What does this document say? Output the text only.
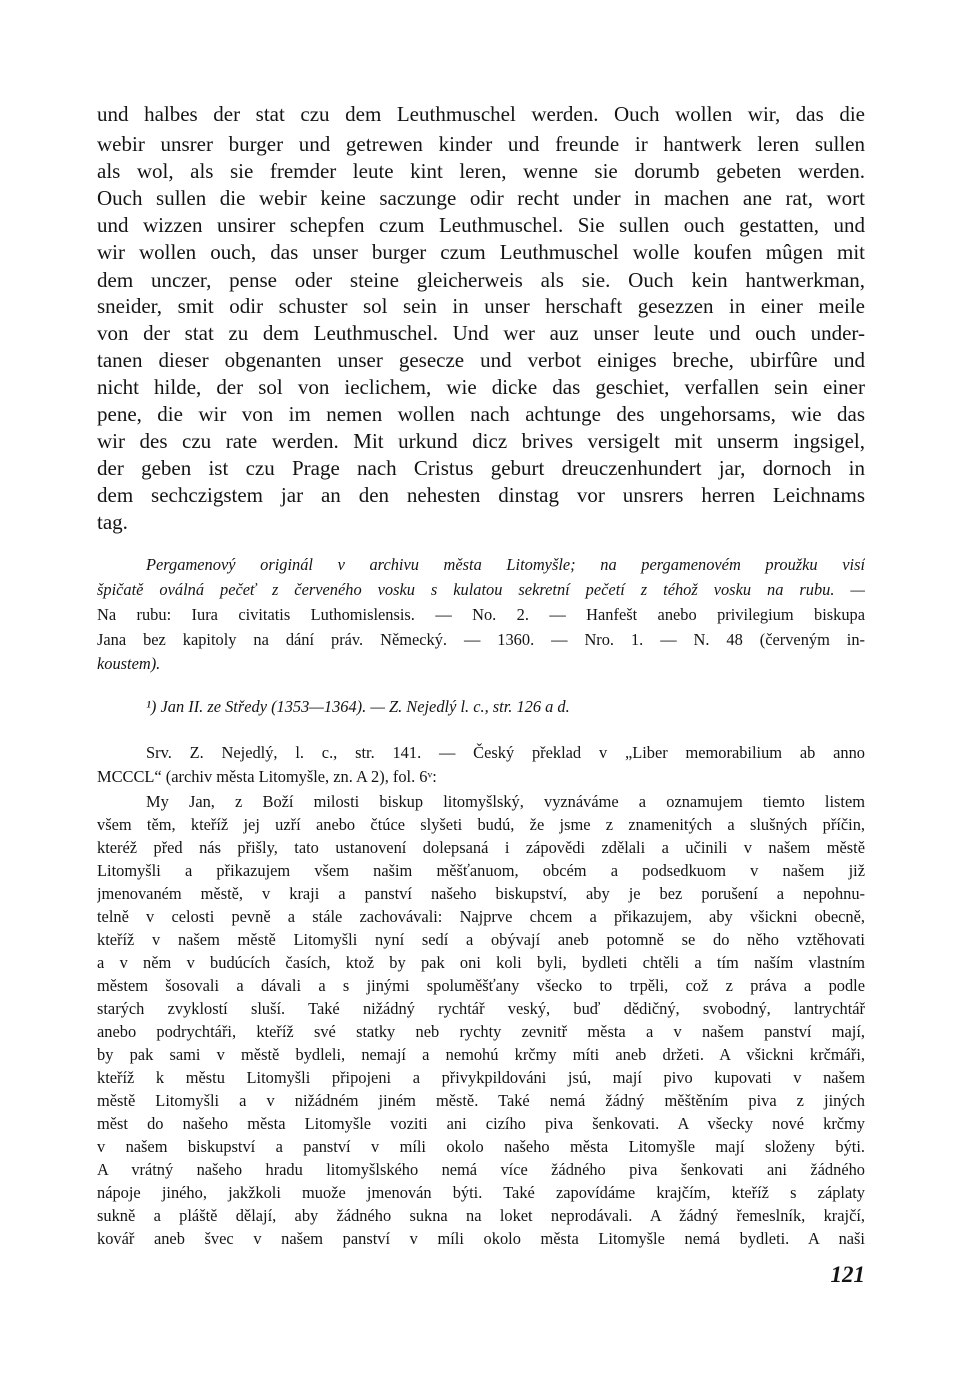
und halbes der stat czu dem Leuthmuschel werden. Ouch wollen wir, das die
webir unsrer burger und getrewen kinder und freunde ir hantwerk leren sullen
als wol, als sie fremder leute kint leren, wenne sie dorumb gebeten werden.
Ouch sullen die webir keine saczunge odir recht under in machen ane rat, wort
und wizzen unsirer schepfen czum Leuthmuschel. Sie sullen ouch gestatten, und
wir wollen ouch, das unser burger czum Leuthmuschel wolle koufen mûgen mit
dem unczer, pense oder steine gleicherweis als sie. Ouch kein hantwerkman,
sneider, smit odir schuster sol sein in unser herschaft gesezzen in einer meile
von der stat zu dem Leuthmuschel. Und wer auz unser leute und ouch under-
tanen dieser obgenanten unser gesecze und verbot einiges breche, ubirfûre und
nicht hilde, der sol von ieclichem, wie dicke das geschiet, verfallen sein einer
pene, die wir von im nemen wollen nach achtunge des ungehorsams, wie das
wir des czu rate werden. Mit urkund dicz brives versigelt mit unserm ingsigel,
der geben ist czu Prage nach Cristus geburt dreuczenhundert jar, dornoch in
dem sechczigstem jar an den nehesten dinstag vor unsrers herren Leichnams
tag.
Pergamenový originál v archivu města Litomyšle; na pergamenovém proužku visí
špičatě oválná pečeť z červeného vosku s kulatou sekretní pečetí z téhož vosku na rubu. —
Na rubu: Iura civitatis Luthomislensis. — No. 2. — Hanfešt anebo privilegium biskupa
Jana bez kapitoly na dání práv. Německý. — 1360. — Nro. 1. — N. 48 (červeným in-
koustem).
¹) Jan II. ze Středy (1353—1364). — Z. Nejedlý l. c., str. 126 a d.
Srv. Z. Nejedlý, l. c., str. 141. — Český překlad v „Liber memorabilium ab anno
MCCCL“ (archiv města Litomyšle, zn. A 2), fol. 6ᵛ:
My Jan, z Boží milosti biskup litomyšlský, vyznáváme a oznamujem tiemto listem
všem těm, kteříž jej uzří anebo čtúce slyšeti budú, že jsme z znamenitých a slušných příčin,
kteréž před nás přišly, tato ustanovení dolepsaná i zápovědi zdělali a učinili v našem městě
Litomyšli a přikazujem všem našim měšťanuom, obcém a podsedkuom v našem již
jmenovaném městě, v kraji a panství našeho biskupství, aby je bez porušení a nepohnu-
telně v celosti pevně a stále zachovávali: Najprve chcem a přikazujem, aby všickni obecně,
kteříž v našem městě Litomyšli nyní sedí a obývají aneb potomně se do něho vztěhovati
a v něm v budúcích časích, ktož by pak oni koli byli, bydleti chtěli a tím naším vlastním
městem šosovali a dávali a s jinými spoluměšťany všecko to trpěli, což z práva a podle
starých zvyklostí sluší. Také nižádný rychtář veský, buď dědičný, svobodný, lantrychtář
anebo podrychtáři, kteříž své statky neb rychty zevnitř města a v našem panství mají,
by pak sami v městě bydleli, nemají a nemohú krčmy míti aneb držeti. A všickni krčmáři,
kteříž k městu Litomyšli připojeni a přivykpildováni jsú, mají pivo kupovati v našem
městě Litomyšli a v nižádném jiném městě. Také nemá žádný měštěním piva z jiných
měst do našeho města Litomyšle voziti ani cizího piva šenkovati. A všecky nové krčmy
v našem biskupství a panství v míli okolo našeho města Litomyšle mají složeny býti.
A vrátný našeho hradu litomyšlského nemá více žádného piva šenkovati ani žádného
nápoje jiného, jakžkoli muože jmenován býti. Také zapovídáme krajčím, kteříž s záplaty
sukně a pláště dělají, aby žádného sukna na loket neprodávali. A žádný řemeslník, krajčí,
kovář aneb švec v našem panství v míli okolo města Litomyšle nemá bydleti. A naši
121
